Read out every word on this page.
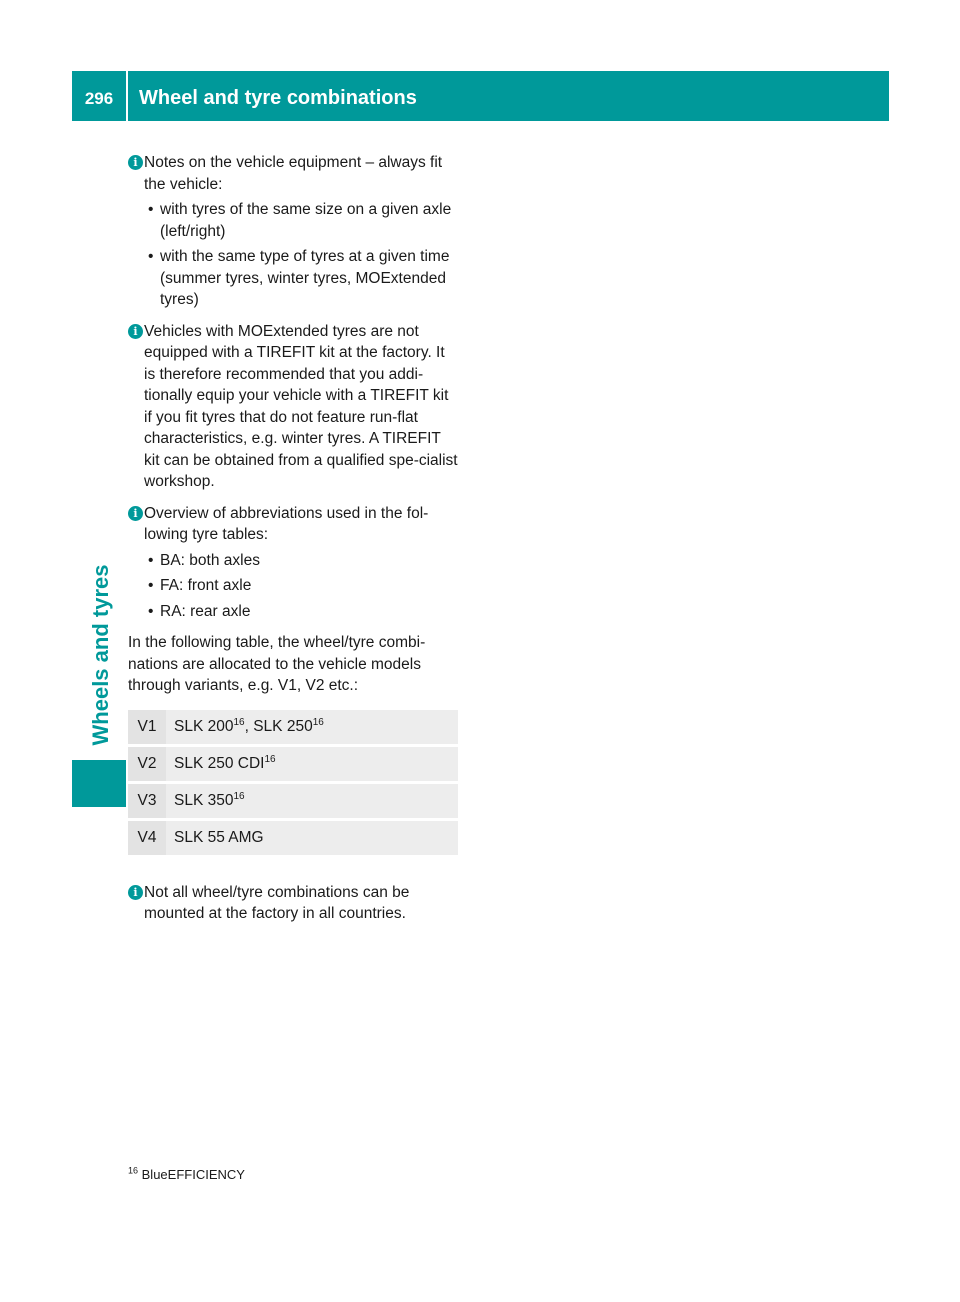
296	Wheel and tyre combinations
Wheels and tyres
i Notes on the vehicle equipment – always fit the vehicle:

• with tyres of the same size on a given axle (left/right)
• with the same type of tyres at a given time (summer tyres, winter tyres, MOExtended tyres)
i Vehicles with MOExtended tyres are not equipped with a TIREFIT kit at the factory. It is therefore recommended that you addi-tionally equip your vehicle with a TIREFIT kit if you fit tyres that do not feature run-flat characteristics, e.g. winter tyres. A TIREFIT kit can be obtained from a qualified spe-cialist workshop.

i Overview of abbreviations used in the fol-lowing tyre tables:

• BA: both axles
• FA: front axle
• RA: rear axle

In the following table, the wheel/tyre combi-nations are allocated to the vehicle models through variants, e.g. V1, V2 etc.:

V1	SLK $200^{16}$, SLK $250^{16}$
V2	SLK 250 CDI$^{16}$
V3	SLK $350^{16}$
V4	SLK 55 AMG
i Not all wheel/tyre combinations can be mounted at the factory in all countries.

$^{16}$ BlueEFFICIENCY
